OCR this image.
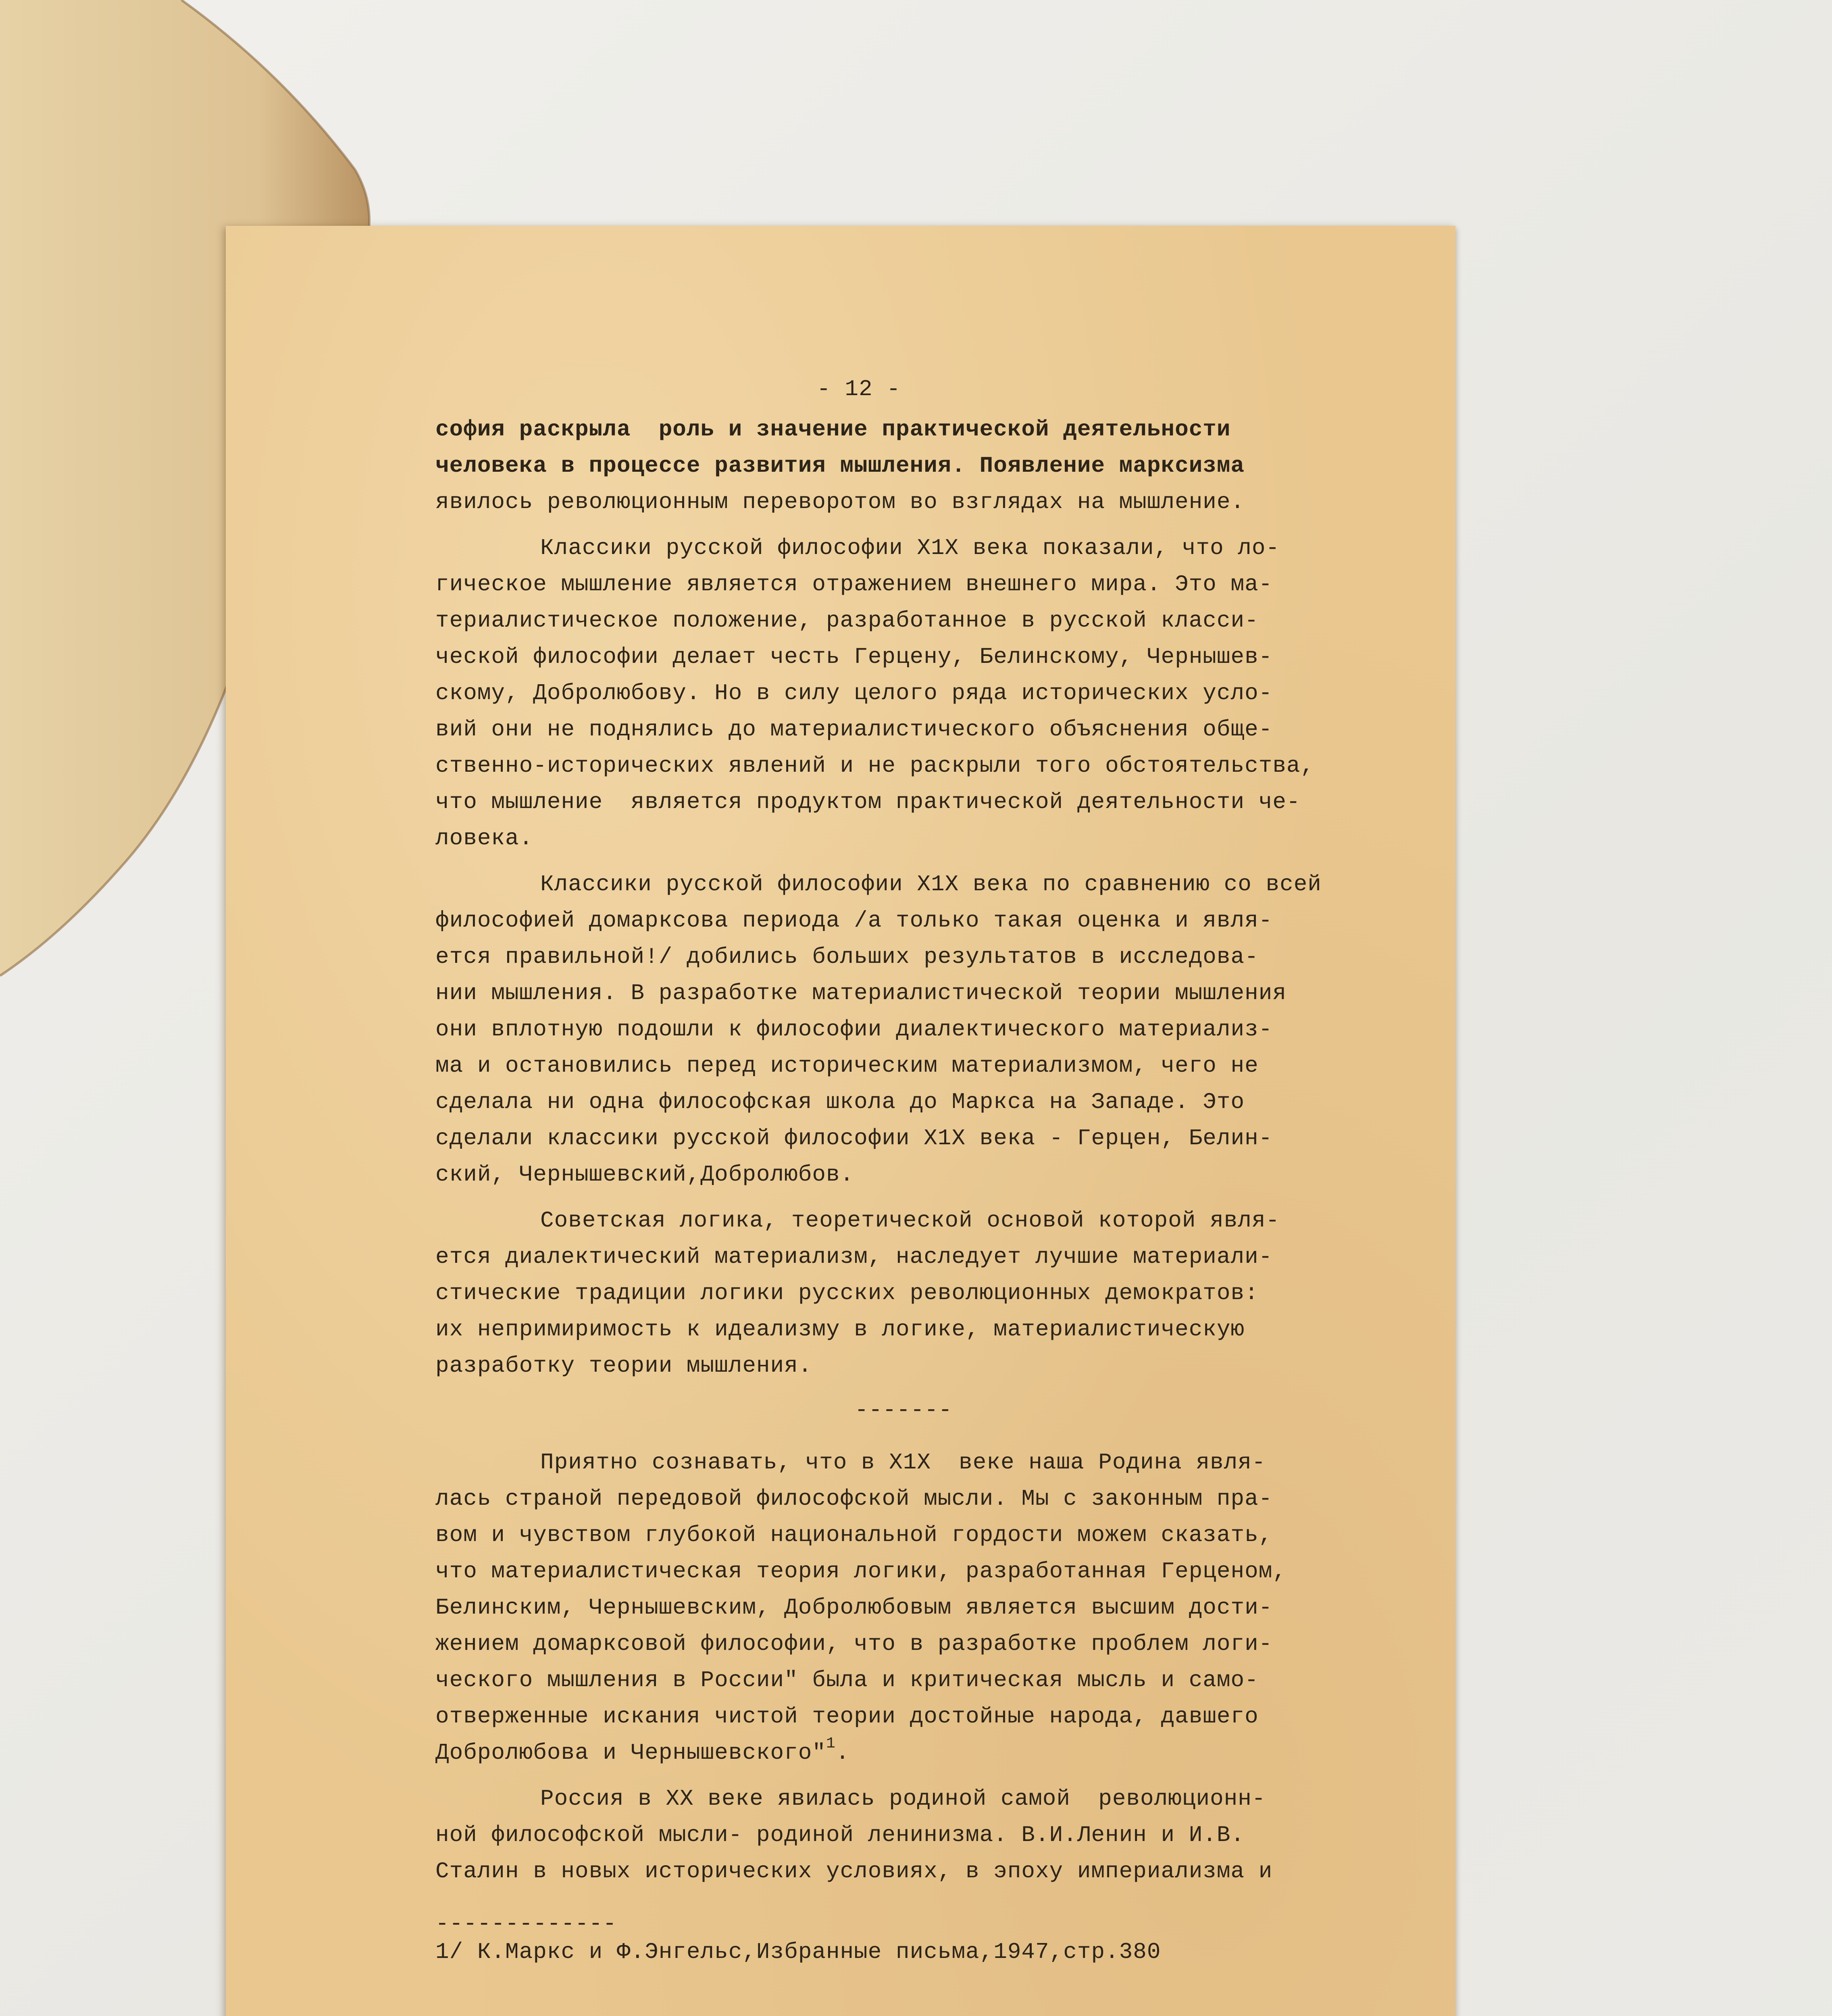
- 12 -
софия раскрыла  роль и значение практической деятельности
человека в процессе развития мышления. Появление марксизма
явилось революционным переворотом во взглядах на мышление.
Классики русской философии Х1Х века показали, что ло-
гическое мышление является отражением внешнего мира. Это ма-
териалистическое положение, разработанное в русской класси-
ческой философии делает честь Герцену, Белинскому, Чернышев-
скому, Добролюбову. Но в силу целого ряда исторических усло-
вий они не поднялись до материалистического объяснения обще-
ственно-исторических явлений и не раскрыли того обстоятельства,
что мышление  является продуктом практической деятельности че-
ловека.
Классики русской философии Х1Х века по сравнению со всей
философией домарксова периода /а только такая оценка и явля-
ется правильной!/ добились больших результатов в исследова-
нии мышления. В разработке материалистической теории мышления
они вплотную подошли к философии диалектического материализ-
ма и остановились перед историческим материализмом, чего не
сделала ни одна философская школа до Маркса на Западе. Это
сделали классики русской философии Х1Х века - Герцен, Белин-
ский, Чернышевский,Добролюбов.
Советская логика, теоретической основой которой явля-
ется диалектический материализм, наследует лучшие материали-
стические традиции логики русских революционных демократов:
их непримиримость к идеализму в логике, материалистическую
разработку теории мышления.
-------
Приятно сознавать, что в Х1Х  веке наша Родина явля-
лась страной передовой философской мысли. Мы с законным пра-
вом и чувством глубокой национальной гордости можем сказать,
что материалистическая теория логики, разработанная Герценом,
Белинским, Чернышевским, Добролюбовым является высшим дости-
жением домарксовой философии, что в разработке проблем логи-
ческого мышления в России" была и критическая мысль и само-
отверженные искания чистой теории достойные народа, давшего
Добролюбова и Чернышевского"$^1$.
Россия в ХХ веке явилась родиной самой  революционн-
ной философской мысли- родиной ленинизма. В.И.Ленин и И.В.
Сталин в новых исторических условиях, в эпоху империализма и
-------------
1/ К.Маркс и Ф.Энгельс,Избранные письма,1947,стр.380
